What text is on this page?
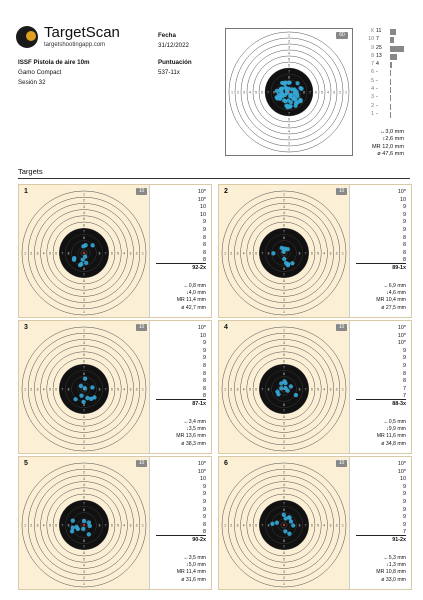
TargetScan
targetshootingapp.com
ISSF Pistola de aire 10m
Gamo Compact
Sesión 32
Fecha
31/12/2022
Puntuación
537-11x
1
1
1	1
2
2
2	2
3
3
3	3
4
4
4	4
5
5
5	5
6
6
6	6
7
7
7	7
8
8	8
60
X 11
10 7
9 25
8 13
7 4
6 -
5 -
4 -
3 -
2 -
1 -
↔3,0 mm
↕2,6 mm
MR 12,0 mm
ø 47,6 mm
Targets
1
1
1	1
2
2
2	2
3
3
3	3
4
4
4	4
5
5
5	5
6
6
6	6
7
7
7	7
8
8
8	8
1	10	10*
10*
10
10
9
9
8
8
8
8
92-2x
←0,8 mm
↓4,0 mm
MR 11,4 mm
ø 42,7 mm
1
1
1	1
2
2
2	2
3
3
3	3
4
4
4	4
5
5
5	5
6
6
6	6
7
7
7	7
8
8
8	8
2	10	10*
10
9
9
9
9
8
8
8
8
89-1x
←6,9 mm
↓4,6 mm
MR 10,4 mm
ø 27,5 mm
1
1
1	1
2
2
2	2
3
3
3	3
4
4
4	4
5
5
5	5
6
6
6	6
7
7
7	7
8
8
8	8
3	10	10*
10
9
9
9
8
8
8
8
8
87-1x
←3,4 mm
↓3,5 mm
MR 13,6 mm
ø 38,3 mm
1
1
1	1
2
2
2	2
3
3
3	3
4
4
4	4
5
5
5	5
6
6
6	6
7
7
7	7
8
8
8	8
4	10	10*
10*
10*
9
9
9
8
8
7
7
88-3x
←0,5 mm
↓9,9 mm
MR 11,6 mm
ø 34,8 mm
1
1
1	1
2
2
2	2
3
3
3	3
4
4
4	4
5
5
5	5
6
6
6	6
7
7
7	7
8
8
8	8
5	10	10*
10*
10
9
9
9
9
9
8
8
90-2x
←3,5 mm
↓5,0 mm
MR 11,4 mm
ø 31,6 mm
1
1
1	1
2
2
2	2
3
3
3	3
4
4
4	4
5
5
5	5
6
6
6	6
7
7
7	7
8
8
8	8
6	10	10*
10*
10
9
9
9
9
9
9
7
91-2x
←5,3 mm
↓1,3 mm
MR 10,8 mm
ø 33,0 mm
